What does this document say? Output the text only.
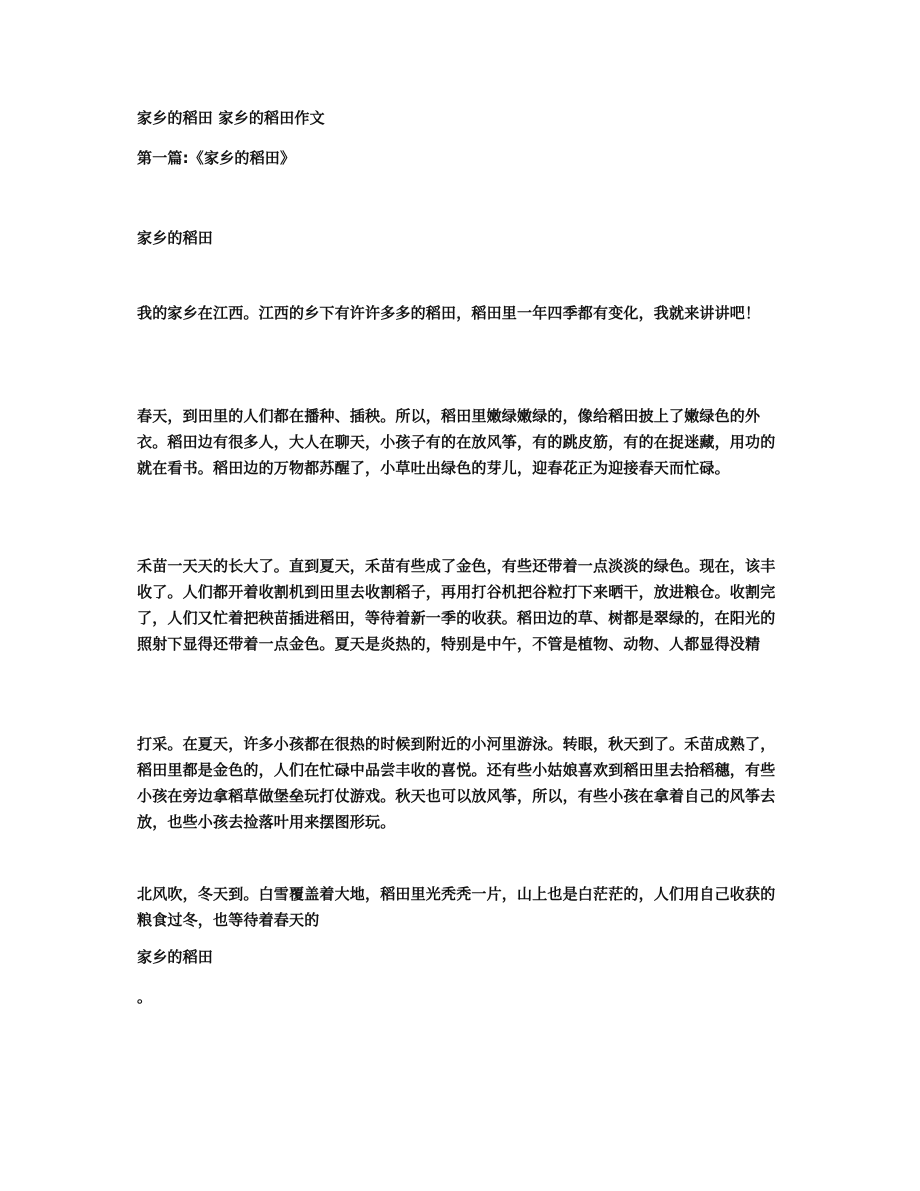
家乡的稻田 家乡的稻田作文
第一篇:《家乡的稻田》
家乡的稻田
我的家乡在江西。江西的乡下有许许多多的稻田，稻田里一年四季都有变化，我就来讲讲吧！
春天，到田里的人们都在播种、插秧。所以，稻田里嫩绿嫩绿的，像给稻田披上了嫩绿色的外衣。稻田边有很多人，大人在聊天，小孩子有的在放风筝，有的跳皮筋，有的在捉迷藏，用功的就在看书。稻田边的万物都苏醒了，小草吐出绿色的芽儿，迎春花正为迎接春天而忙碌。
禾苗一天天的长大了。直到夏天，禾苗有些成了金色，有些还带着一点淡淡的绿色。现在，该丰收了。人们都开着收割机到田里去收割稻子，再用打谷机把谷粒打下来晒干，放进粮仓。收割完了，人们又忙着把秧苗插进稻田，等待着新一季的收获。稻田边的草、树都是翠绿的，在阳光的照射下显得还带着一点金色。夏天是炎热的，特别是中午，不管是植物、动物、人都显得没精
打采。在夏天，许多小孩都在很热的时候到附近的小河里游泳。转眼，秋天到了。禾苗成熟了，稻田里都是金色的，人们在忙碌中品尝丰收的喜悦。还有些小姑娘喜欢到稻田里去拾稻穗，有些小孩在旁边拿稻草做堡垒玩打仗游戏。秋天也可以放风筝，所以，有些小孩在拿着自己的风筝去放，也些小孩去捡落叶用来摆图形玩。
北风吹，冬天到。白雪覆盖着大地，稻田里光秃秃一片，山上也是白茫茫的，人们用自己收获的粮食过冬，也等待着春天的
家乡的稻田
。
